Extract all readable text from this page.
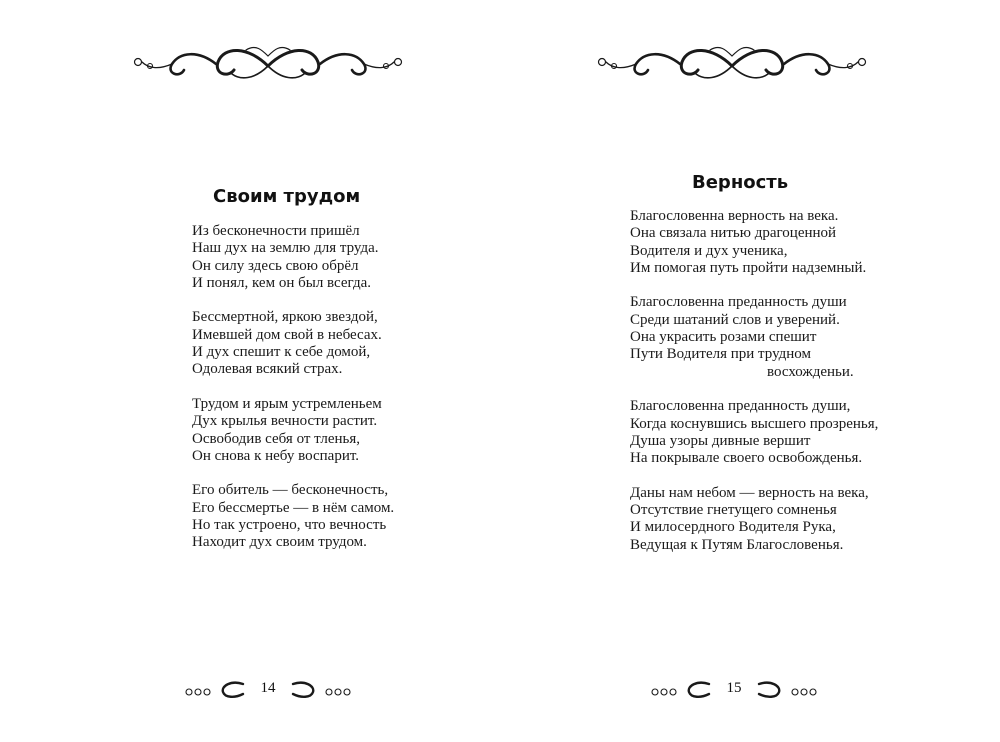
Своим трудом
Из бесконечности пришёл
Наш дух на землю для труда.
Он силу здесь свою обрёл
И понял, кем он был всегда.
Бессмертной, яркою звездой,
Имевшей дом свой в небесах.
И дух спешит к себе домой,
Одолевая всякий страх.
Трудом и ярым устремленьем
Дух крылья вечности растит.
Освободив себя от тленья,
Он снова к небу воспарит.
Его обитель — бесконечность,
Его бессмертье — в нём самом.
Но так устроено, что вечность
Находит дух своим трудом.
14
Верность
Благословенна верность на века.
Она связала нитью драгоценной
Водителя и дух ученика,
Им помогая путь пройти надземный.
Благословенна преданность души
Среди шатаний слов и уверений.
Она украсить розами спешит
Пути Водителя при трудном
восхожденьи.
Благословенна преданность души,
Когда коснувшись высшего прозренья,
Душа узоры дивные вершит
На покрывале своего освобожденья.
Даны нам небом — верность на века,
Отсутствие гнетущего сомненья
И милосердного Водителя Рука,
Ведущая к Путям Благословенья.
15
